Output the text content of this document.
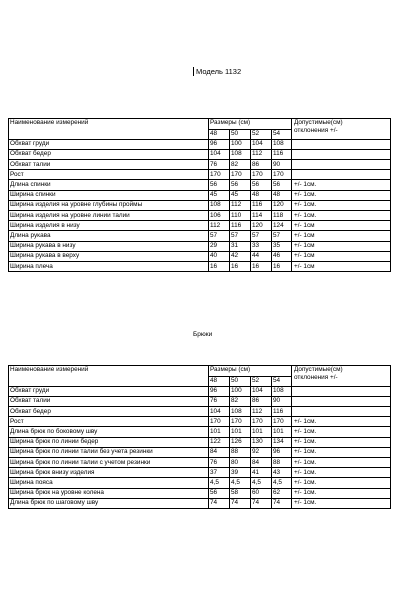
Модель 1132
Наименование измерений	Размеры (см)				Допустимые(см)
отклонения +/-
	48	50	52	54	
Обхват груди	96	100	104	108	
Обхват бедер	104	108	112	116	
Обхват талии	76	82	86	90	
Рост	170	170	170	170	
Длина спинки	56	56	56	56	+/- 1см.
Ширина спинки	45	45	48	48	+/- 1см.
Ширина изделия на уровне глубины проймы	108	112	116	120	+/- 1см.
Ширина изделия на уровне линии талии	106	110	114	118	+/- 1см.
Ширина изделия в низу	112	116	120	124	+/- 1см
Длина рукава	57	57	57	57	+/- 1см
Ширина рукава в низу	29	31	33	35	+/- 1см
Ширина рукава в верху	40	42	44	46	+/- 1см
Ширина плеча	16	16	16	16	+/- 1см
Брюки
Наименование измерений	Размеры (см)				Допустимые(см)
отклонения +/-
	48	50	52	54	
Обхват груди	96	100	104	108	
Обхват талии	76	82	86	90	
Обхват бедер	104	108	112	116	
Рост	170	170	170	170	+/- 1см.
Длина брюк по боковому шву	101	101	101	101	+/- 1см.
Ширина брюк по линии бедер	122	126	130	134	+/- 1см.
Ширина брюк по линии талии без учета резинки	84	88	92	96	+/- 1см.
Ширина брюк по линии талии с учетом резинки	76	80	84	88	+/- 1см.
Ширина брюк внизу изделия	37	39	41	43	+/- 1см.
Ширина пояса	4,5	4,5	4,5	4,5	+/- 1см.
Ширина брюк на уровне колена	56	58	60	62	+/- 1см.
Длина брюк по шаговому шву	74	74	74	74	+/- 1см.
